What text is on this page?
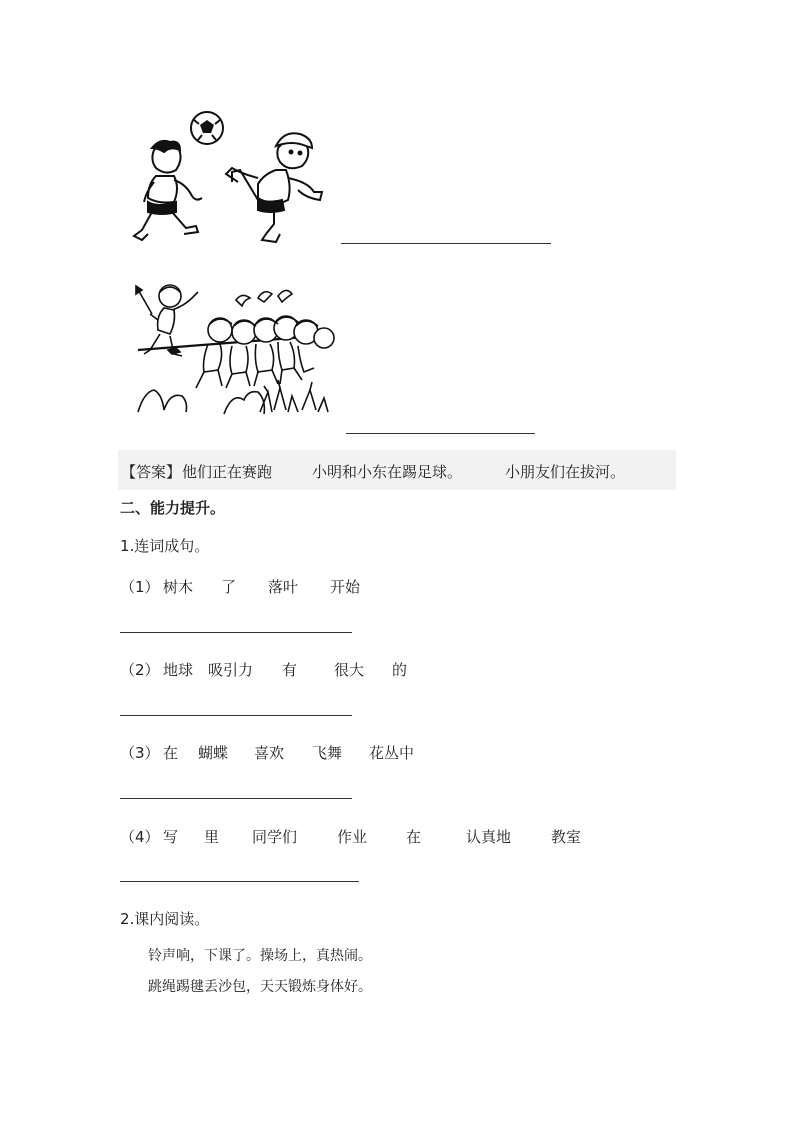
【答案】 他们正在赛跑	小明和小东在踢足球。	小朋友们在拔河。
二、能力提升。
1.连词成句。
（1） 树木 了 落叶 开始
（2） 地球 吸引力 有 很大 的
（3） 在 蝴蝶 喜欢 飞舞 花丛中
（4） 写 里 同学们	作业	在	认真地	教室
2.课内阅读。
铃声响，下课了。操场上，真热闹。
跳绳踢毽丢沙包，天天锻炼身体好。
